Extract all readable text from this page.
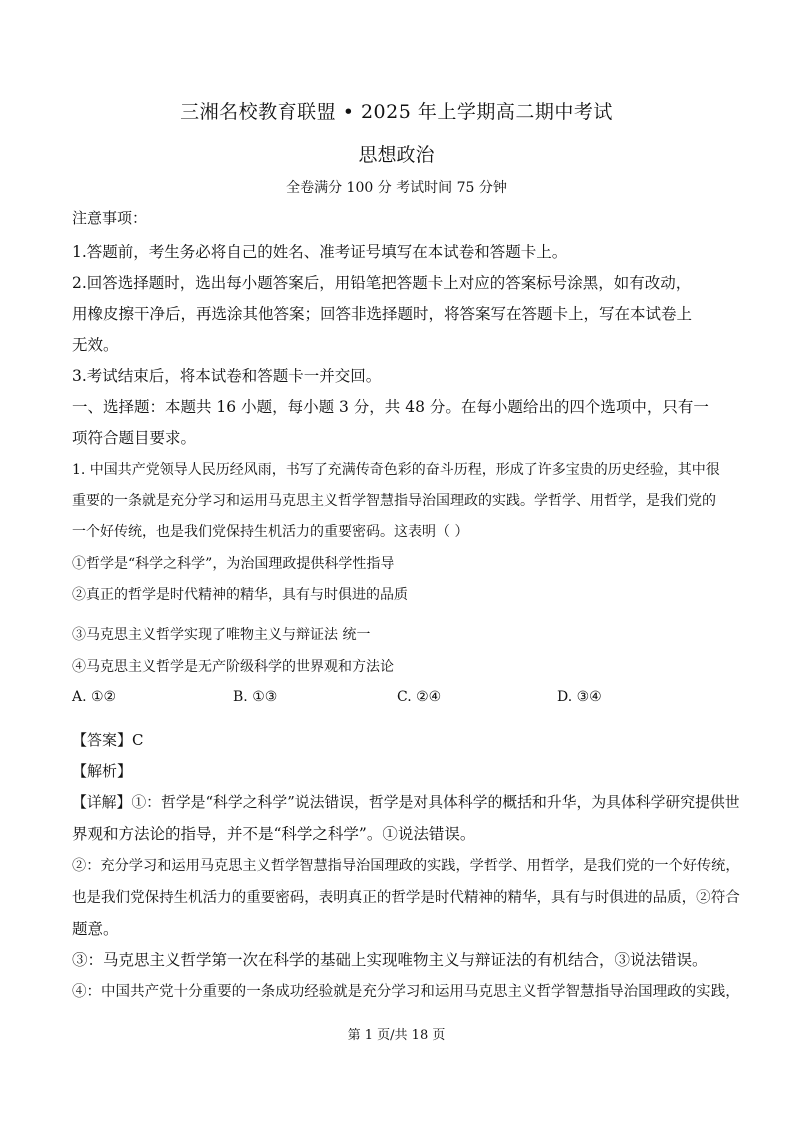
三湘名校教育联盟 • 2025 年上学期高二期中考试
思想政治
全卷满分 100 分 考试时间 75 分钟
注意事项：
1.答题前，考生务必将自己的姓名、准考证号填写在本试卷和答题卡上。
2.回答选择题时，选出每小题答案后，用铅笔把答题卡上对应的答案标号涂黑，如有改动，
用橡皮擦干净后，再选涂其他答案；回答非选择题时，将答案写在答题卡上，写在本试卷上
无效。
3.考试结束后，将本试卷和答题卡一并交回。
一、选择题：本题共 16 小题，每小题 3 分，共 48 分。在每小题给出的四个选项中，只有一
项符合题目要求。
1. 中国共产党领导人民历经风雨，书写了充满传奇色彩的奋斗历程，形成了许多宝贵的历史经验，其中很
重要的一条就是充分学习和运用马克思主义哲学智慧指导治国理政的实践。学哲学、用哲学，是我们党的
一个好传统，也是我们党保持生机活力的重要密码。这表明（ ）
①哲学是“科学之科学”，为治国理政提供科学性指导
②真正的哲学是时代精神的精华，具有与时俱进的品质
③马克思主义哲学实现了唯物主义与辩证法 统一
④马克思主义哲学是无产阶级科学的世界观和方法论
A. ①②	B. ①③	C. ②④	D. ③④
【答案】C
【解析】
【详解】①：哲学是“科学之科学”说法错误，哲学是对具体科学的概括和升华，为具体科学研究提供世
界观和方法论的指导，并不是“科学之科学”。①说法错误。
②：充分学习和运用马克思主义哲学智慧指导治国理政的实践，学哲学、用哲学，是我们党的一个好传统，
也是我们党保持生机活力的重要密码，表明真正的哲学是时代精神的精华，具有与时俱进的品质，②符合
题意。
③：马克思主义哲学第一次在科学的基础上实现唯物主义与辩证法的有机结合，③说法错误。
④：中国共产党十分重要的一条成功经验就是充分学习和运用马克思主义哲学智慧指导治国理政的实践，
第 1 页/共 18 页
